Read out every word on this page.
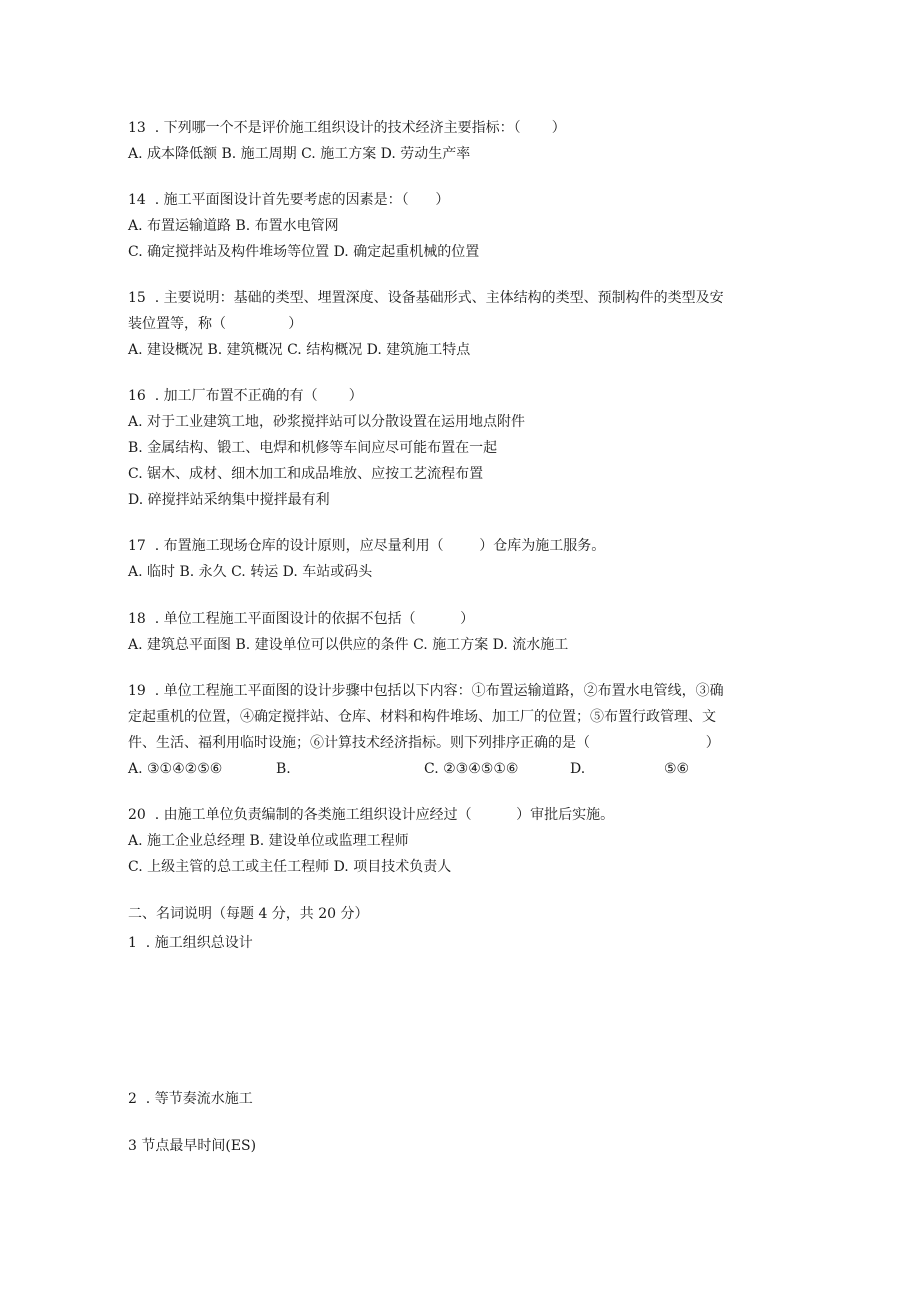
13  . 下列哪一个不是评价施工组织设计的技术经济主要指标：（       ）
A. 成本降低额 B. 施工周期 C. 施工方案 D. 劳动生产率
14  . 施工平面图设计首先要考虑的因素是：（      ）
A. 布置运输道路 B. 布置水电管网
C. 确定搅拌站及构件堆场等位置 D. 确定起重机械的位置
15  . 主要说明：基础的类型、埋置深度、设备基础形式、主体结构的类型、预制构件的类型及安
装位置等，称（              ）
A. 建设概况 B. 建筑概况 C. 结构概况 D. 建筑施工特点
16  . 加工厂布置不正确的有（       ）
A. 对于工业建筑工地，砂浆搅拌站可以分散设置在运用地点附件
B. 金属结构、锻工、电焊和机修等车间应尽可能布置在一起
C. 锯木、成材、细木加工和成品堆放、应按工艺流程布置
D. 碎搅拌站采纳集中搅拌最有利
17  . 布置施工现场仓库的设计原则，应尽量利用（        ）仓库为施工服务。
A. 临时 B. 永久 C. 转运 D. 车站或码头
18  . 单位工程施工平面图设计的依据不包括（          ）
A. 建筑总平面图 B. 建设单位可以供应的条件 C. 施工方案 D. 流水施工
19  . 单位工程施工平面图的设计步骤中包括以下内容：①布置运输道路，②布置水电管线，③确
定起重机的位置，④确定搅拌站、仓库、材料和构件堆场、加工厂的位置；⑤布置行政管理、文
件、生活、福利用临时设施；⑥计算技术经济指标。则下列排序正确的是（                          ）

A. ③①④②⑤⑥

	B.

	C. ②③④⑤①⑥

	D.

	⑤⑥

20  . 由施工单位负责编制的各类施工组织设计应经过（          ）审批后实施。
A. 施工企业总经理 B. 建设单位或监理工程师
C. 上级主管的总工或主任工程师 D. 项目技术负责人
二、名词说明（每题 4 分，共 20 分）
1  . 施工组织总设计
2  . 等节奏流水施工
3 节点最早时间(ES)
